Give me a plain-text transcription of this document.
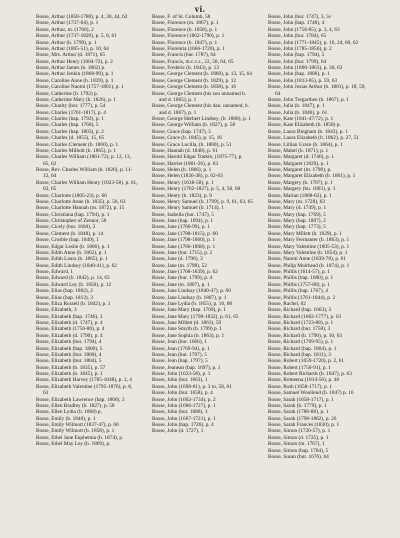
vi.
Bosse, Arthur (1858-1780), p. 4, 30, 44, 62
Bosse, Arthur (1737-64), p. 1
Bosse, Arthur, m. (1760), 2
Bosse, Arthur (1737-1820), p. 5, 8, 61
Bosse, Arthur (b. 1799), p. 1
Bosse, Arthur (1805-51), p. 10, 64
Bosse, Mrs. Arthur (d. 1871), 65
Bosse, Arthur Henry (1804-72), p. 2
Bosse, Arthur James (b. 1862) p.
Bosse, Arthur Jenkin (1868-99), p. 1
Bosse, Caroline Anne (b. 1839), p. 1
Bosse, Caroline Naomi (1757-1801), p. 1
Bosse, Catherine (b. 1792) p.
Bosse, Catherine Mary (b. 1826), p. 1
Bosse, Charity (bur. 1777), p. 54
Bosse, Charles (1761-1817), p. 4
Bosse, Charles (bap. 1792), p. 1
Bosse, Charles (bap. 1760), 5
Bosse, Charles (bap. 1803), p. 2
Bosse, Charles (d. 1855), 15, 65
Bosse, Charles Clement (b. 1860), p. 1
Bosse, Charles Milbolt (b. 1865), p. 1
Bosse, Charles William (1861-72), p. 12, 13, 65, 62
Bosse, Rev. Charles William (b. 1826), p. 11-12, 64
Bosse, Charles William Henry (1823-58), p. 61, 62, 65
Bosse, Charlotte (1805-23), p. 60
Bosse, Charlotte Anne (b. 1835), p. 56, 63
Bosse, Charlotte Hannah (m. 1872), p. 15
Bosse, Christiana (bap. 1794), p. 1
Bosse, Christopher of Zennor, 58
Bosse, Cicely (bur. 1660), 2
Bosse, Clement (b. 1848), p. 14
Bosse, Crosbie (bap. 1849), 1
Bosse, Edgar Leslie (b. 1866), p. 1
Bosse, Edith Anne (b. 1862), p. 1
Bosse, Edith Laura (b. 1865), p. 1
Bosse, Edith Lindsey (1840-41), p. 62
Bosse, Edward, 1
Bosse, Edward (b. 1842), p. 14, 63
Bosse, Edward Ley (b. 1850), p. 12
Bosse, Elias (bap. 1802), 2
Bosse, Elias (bap. 1813), 3
Bosse, Eliza Russell (b. 1842), p. 1
Bosse, Elizabeth, 3
Bosse, Elizabeth (bap. 1746), 3
Bosse, Elizabeth (d. 1747), p. 4
Bosse, Elizabeth (1756-80), p. 4
Bosse, Elizabeth (d. 1790), p. 4
Bosse, Elizabeth (bur. 1794), 4
Bosse, Elizabeth (bap. 1800), 5
Bosse, Elizabeth (bur. 1800), 4
Bosse, Elizabeth (bur. 1804), 5
Bosse, Elizabeth (b. 1835), p. 57
Bosse, Elizabeth (b. 1845), p. 1
Bosse, Elizabeth Harvey (1785-1848), p. 2, 4
Bosse, Elizabeth Valentine (1795-1876), p. 8, 63
Bosse, Elizabeth Lawrence (bap. 1806), 3
Bosse, Ellen Bradley (b. 1827), p. 58
Bosse, Ellen Lydia (b. 1868) p.
Bosse, Emily (b. 1840), p. 1
Bosse, Emily Wilmott (1837-47), p. 60
Bosse, Emily Wilmott (b. 1858), p. 1
Bosse, Ethel Jane Euphemia (b. 1874), p.
Bosse, Ethel May Ley (b. 1869), p.
Bosse, F. of St. Columb, 58
Bosse, Florence (m. 1867), p. 1
Bosse, Florence (b. 1858), p. 1
Bosse, Florence (1862-1790), p. 1
Bosse, Florence (b. 1847), p. 1
Bosse, Florentia (1666-1720), p. 1
Bosse, Francis (bur. 1787), 64
Bosse, Francis, m.c.c.s., 22, 58, 64, 65
Bosse, Frederic (b. 1843), p. 13
Bosse, George Clement (b. 1868), p. 13, 15, 64
Bosse, George Clement (b. 1829), p. 12
Bosse, George Clement (b. 1838), p. 16
Bosse, George Clement (his son unnamed b. and d. 1865), p. 1
Bosse, George Clement (his dau. unnamed, b. and d. 1867), p. 1
Bosse, George Herbert Lindsey, (b. 1868), p. 1
Bosse, George William (b. 1827), p. 58
Bosse, Grace (bap. 1747), 5
Bosse, Grace (b. 1845), p. 15, 16
Bosse, Grace Lucilla, (b. 1860), p. 51
Bosse, Hannah (d. 1848), p. 61
Bosse, Harold Edgar Tonkin, (1875-77), p.
Bosse, Harriet (1801-26), p. 63
Bosse, Helen (b. 1866), p. 1
Bosse, Helen (1836-38), p. 62-63
Bosse, Henry (1638-58), p. 1
Bosse, Henry (1762-1827), p. 5, 4, 58, 68
Bosse, Henry (b. 1823), p. 9
Bosse, Henry Samuel (b. 1799), p. 9, 61, 63, 65
Bosse, Henry Samuel (b. 1714), 1
Bosse, Isabella (bur. 1747), 5
Bosse, Jane (bap. 1694), p. 1
Bosse, Jane (1760-99), p. 1
Bosse, Jane (1788-1815), p. 60
Bosse, Jane (1798-1860), p. 1
Bosse, Jane (1766-1808), p. 1
Bosse, Jane (bur. 1715), p. 2
Bosse, Jane (d. 1796), 3
Bosse, Jane (m. 1798), 52
Bosse, Jane (1768-1839), p. 62
Bosse, Jane (bur. 1799), p. 4
Bosse, Jane (m. 1807), p. 1
Bosse, Jane Lindsay (1840-47), p. 60
Bosse, Jane Lindsay (b. 1867), p. 1
Bosse, Jane Lydia (b. 1855), p. 16, 68
Bosse, Jane Mary (bap. 1769), p. 1
Bosse, Jane Mary (1798-1832), p. 61, 65
Bosse, Jane Millett (d. 1861), 59
Bosse, Jane Smyth (b. 1799) p. 1
Bosse, Jane Sophia (b. 1863), p. 1
Bosse, Jean (bur. 1666), 1
Bosse, Jean (1769-94), p. 1
Bosse, Jean (bur. 1797), 5
Bosse, Jean (bap. 1797), 5
Bosse, Jeanean (bap. 1697), p. 1
Bosse, John (1623-58), p. 1
Bosse, John (bur. 1663), 1
Bosse, John (1698-81), p. 3 to, 58, 61
Bosse, John (bur. 1658), p. 4
Bosse, John (1662-1734), p. 2
Bosse, John (1686-1727), p. 1
Bosse, John (bur. 1686), 3
Bosse, John (1667-1721), p. 1
Bosse, John (bap. 1726), p. 4
Bosse, John (d. 1727), 1
Bosse, John (bur. 1747), 3, 5v
Bosse, John (bap. 1748), 4
Bosse, John (1756-85), p. 3, 4, 63
Bosse, John (bur. 1784), 65
Bosse, John (1771-1845), p. 10, 24, 60, 62
Bosse, John (1785-1856), p. 2
Bosse, John (bap. 1794), 5
Bosse, John (bur. 1799), 64
Bosse, John (1800-1863), p. 30, 63
Bosse, John (bap. 1806), p. 1
Bosse, John (1813-65), p. 59, 63
Bosse, John Josias Arthur (b. 1801), p. 18, 59, 64
Bosse, John Tregarthen (b. 1867), p. 1
Bosse, Julia (b. 1847), p. 1
Bosse, Julia (b. 1846), p. 61
Bosse, Kate (1841-47/72), p. 1
Bosse, Kate Elizabeth (b. 1858) p.
Bosse, Laura Bingham (b. 1843), p. 1
Bosse, Laura Elizabeth (b. 1862), p. 27, 51
Bosse, Lillian Grace (b. 1864), p. 1
Bosse, Mabel (b. 1871), p. 1
Bosse, Margaret (d. 1746), p. 1
Bosse, Margaret (1829), p. 1
Bosse, Margaret (m. 1798), p.
Bosse, Margaret Elizabeth (b. 1861), p. 1
Bosse, Margery (b. 1787), p. 1
Bosse, Margery (bu. 1803), p. 1
Bosse, Marian (1808-62), p. 1
Bosse, Mary (m. 1728), 63
Bosse, Mary (d. 1749), p. 1
Bosse, Mary (bap. 1769), 5
Bosse, Mary (bap. 1807), 2
Bosse, Mary (bap. 1773), 5
Bosse, Mary Millett (b. 1829), p. 1
Bosse, Mary Fermanter (b. 1863), p. 1
Bosse, Mary Valentine (1805-53), p. 1
Bosse, Mary Valentine (b. 1854), p. 1
Bosse, Naomi Anne (1839-78), p. 61
Bosse, Philip Muirhead (b. 1874), p. 1
Bosse, Phillis (1614-57), p. 1
Bosse, Phillis (bap. 1680), p. 1
Bosse, Phillis (1757-88), p. 1
Bosse, Phillis (bap. 1767), 4
Bosse, Phillis (1761-1844), p. 2
Bosse, Rachel, 62
Bosse, Richard (bap. 1663), 3
Bosse, Richard (1682-1777), p. 63
Bosse, Richard (1723-88), p. 1
Bosse, Richard (bur. 1758), 3
Bosse, Richard (b. 1790), p. 10, 63
Bosse, Richard (1769-95), p. 1
Bosse, Richard (bap. 1804), p. 1
Bosse, Richard (bap. 1811), 3
Bosse, Robert (1659-1720), p. 2, 61
Bosse, Robert (1756-91), p. 1
Bosse, Robert Richards (b. 1847), p. 63
Bosse, Romeena (1814-56), p. 48
Bosse, Ruth (1658-1717), p. 1
Bosse, Samuel Woollend (b. 1847) p. 16
Bosse, Sarah (1658-1717), p. 1
Bosse, Sarah (b. 1779), p. 1
Bosse, Sarah (1786-88), p. 1
Bosse, Sarah (1798-1862), p. 26
Bosse, Sarah Frances (1830), p. 1
Bosse, Simon (1720-57), p. 1
Bosse, Simon (d. 1725), p. 1
Bosse, Simon (m. 1767), 1
Bosse, Simon (bap. 1784), 5
Bosse, Susan (bur. 1676), 64
